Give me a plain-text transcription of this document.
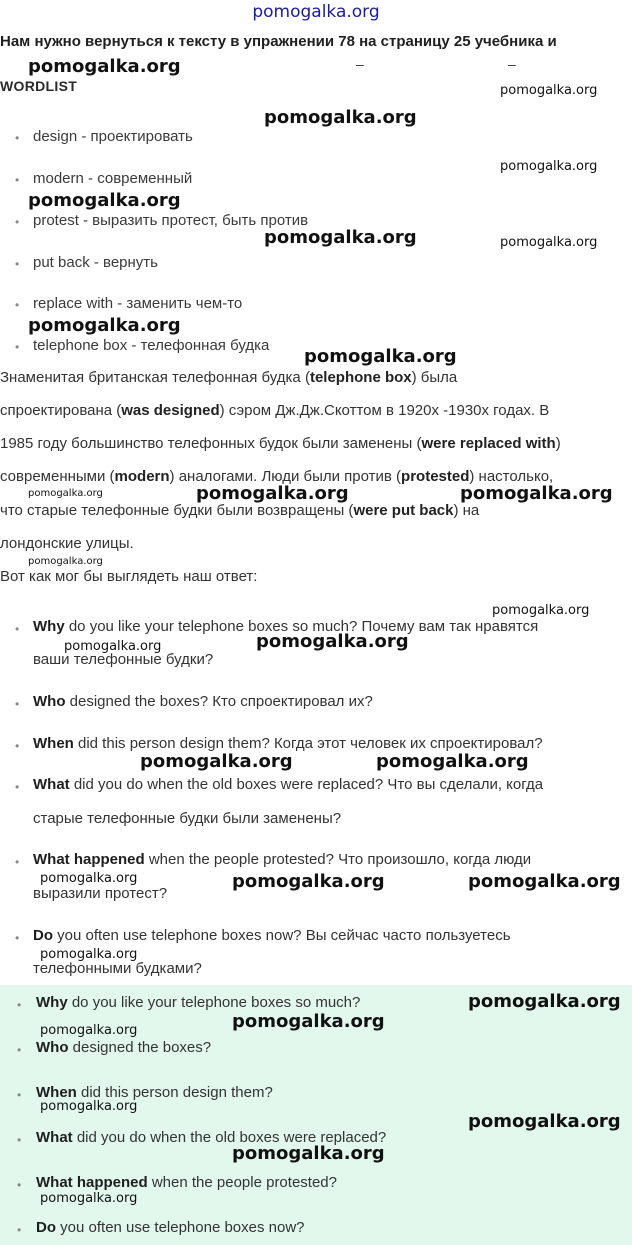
pomogalka.org
Нам нужно вернуться к тексту в упражнении 78 на страницу 25 учебника и
–	–
WORDLIST
• design - проектировать
• modern - современный
• protest - выразить протест, быть против
• put back - вернуть
• replace with - заменить чем-то
• telephone box - телефонная будка
Знаменитая британская телефонная будка (telephone box) была
спроектирована (was designed) сэром Дж.Дж.Скоттом в 1920х -1930х годах. В
1985 году большинство телефонных будок были заменены (were replaced with)
современными (modern) аналогами. Люди были против (protested) настолько,
что старые телефонные будки были возвращены (were put back) на
лондонские улицы.
Вот как мог бы выглядеть наш ответ:
• Why do you like your telephone boxes so much? Почему вам так нравятся
ваши телефонные будки?
• Who designed the boxes? Кто спроектировал их?
• When did this person design them? Когда этот человек их спроектировал?
• What did you do when the old boxes were replaced? Что вы сделали, когда
старые телефонные будки были заменены?
• What happened when the people protested? Что произошло, когда люди
выразили протест?
• Do you often use telephone boxes now? Вы сейчас часто пользуетесь
телефонными будками?
• Why do you like your telephone boxes so much?
• Who designed the boxes?
• When did this person design them?
• What did you do when the old boxes were replaced?
• What happened when the people protested?
• Do you often use telephone boxes now?
pomogalka.org
pomogalka.org
pomogalka.org
pomogalka.org
pomogalka.org
pomogalka.org	pomogalka.org
pomogalka.org
pomogalka.org
pomogalka.org	pomogalka.org	pomogalka.org
pomogalka.org
pomogalka.org
pomogalka.org	pomogalka.org
pomogalka.org	pomogalka.org
pomogalka.org	pomogalka.org	pomogalka.org
pomogalka.org
pomogalka.org
pomogalka.org	pomogalka.org
pomogalka.org
pomogalka.org
pomogalka.org
pomogalka.org
